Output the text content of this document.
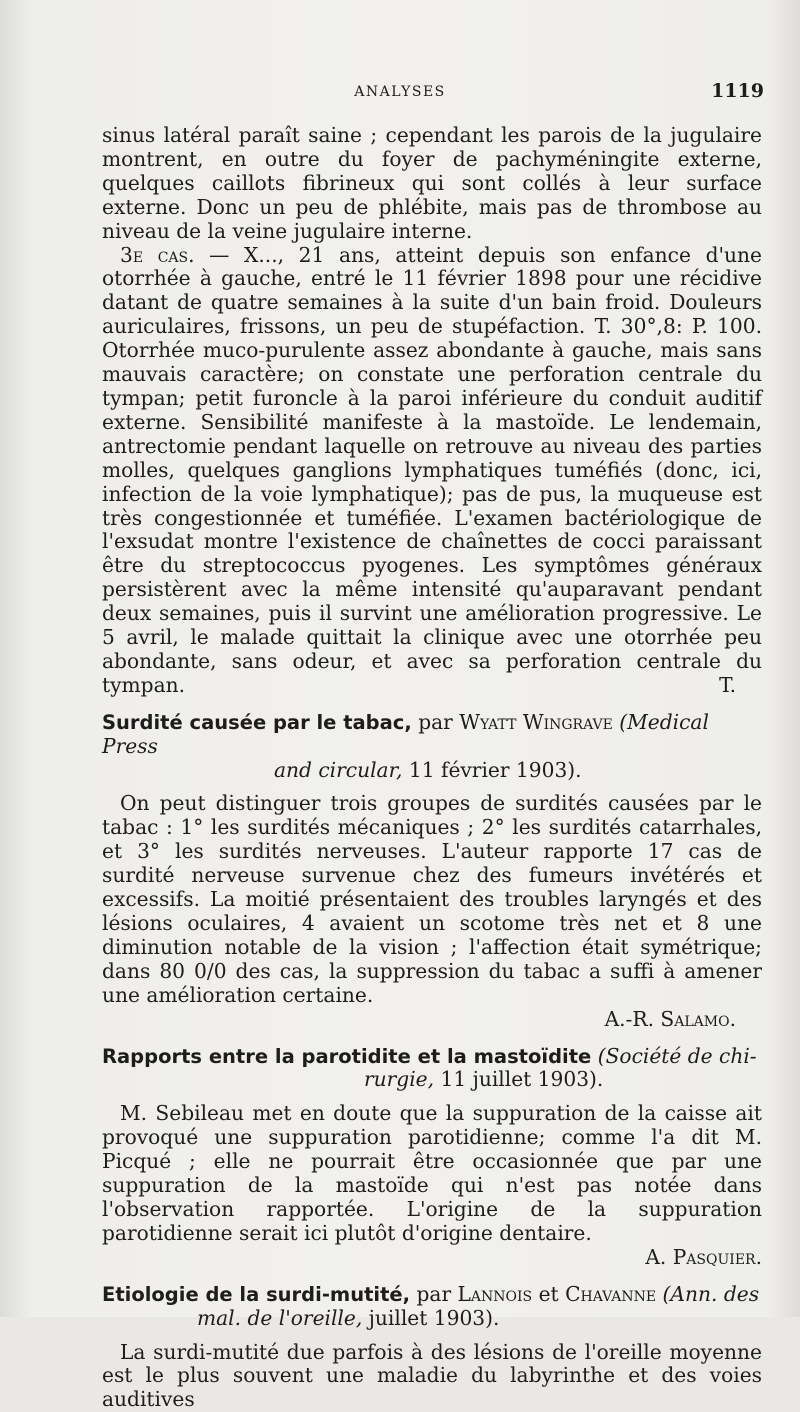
ANALYSES	1119

sinus latéral paraît saine ; cependant les parois de la jugulaire montrent, en outre du foyer de pachyméningite externe, quelques caillots fibrineux qui sont collés à leur surface externe. Donc un peu de phlébite, mais pas de thrombose au niveau de la veine jugulaire interne.

3e cas. — X..., 21 ans, atteint depuis son enfance d'une otorrhée à gauche, entré le 11 février 1898 pour une récidive datant de quatre semaines à la suite d'un bain froid. Douleurs auriculaires, frissons, un peu de stupéfaction. T. 30°,8: P. 100. Otorrhée muco-purulente assez abondante à gauche, mais sans mauvais caractère; on constate une perforation centrale du tympan; petit furoncle à la paroi inférieure du conduit auditif externe. Sensibilité manifeste à la mastoïde. Le lendemain, antrectomie pendant laquelle on retrouve au niveau des parties molles, quelques ganglions lymphatiques tuméfiés (donc, ici, infection de la voie lymphatique); pas de pus, la muqueuse est très congestionnée et tuméfiée. L'examen bactériologique de l'exsudat montre l'existence de chaînettes de cocci paraissant être du streptococcus pyogenes. Les symptômes généraux persistèrent avec la même intensité qu'auparavant pendant deux semaines, puis il survint une amélioration progressive. Le 5 avril, le malade quittait la clinique avec une otorrhée peu abondante, sans odeur, et avec sa perforation centrale du tympan.	T.

Surdité causée par le tabac, par Wyatt Wingrave (Medical Press
and circular, 11 février 1903).

On peut distinguer trois groupes de surdités causées par le tabac : 1° les surdités mécaniques ; 2° les surdités catarrhales, et 3° les surdités nerveuses. L'auteur rapporte 17 cas de surdité nerveuse survenue chez des fumeurs invétérés et excessifs. La moitié présentaient des troubles laryngés et des lésions oculaires, 4 avaient un scotome très net et 8 une diminution notable de la vision ; l'affection était symétrique; dans 80 0/0 des cas, la suppression du tabac a suffi à amener une amélioration certaine.

A.-R. Salamo.
Rapports entre la parotidite et la mastoïdite (Société de chi-
rurgie, 11 juillet 1903).

M. Sebileau met en doute que la suppuration de la caisse ait provoqué une suppuration parotidienne; comme l'a dit M. Picqué ; elle ne pourrait être occasionnée que par une suppuration de la mastoïde qui n'est pas notée dans l'observation rapportée. L'origine de la suppuration parotidienne serait ici plutôt d'origine dentaire.

A. Pasquier.
Etiologie de la surdi-mutité, par Lannois et Chavanne (Ann. des
mal. de l'oreille, juillet 1903).

La surdi-mutité due parfois à des lésions de l'oreille moyenne est le plus souvent une maladie du labyrinthe et des voies auditives
